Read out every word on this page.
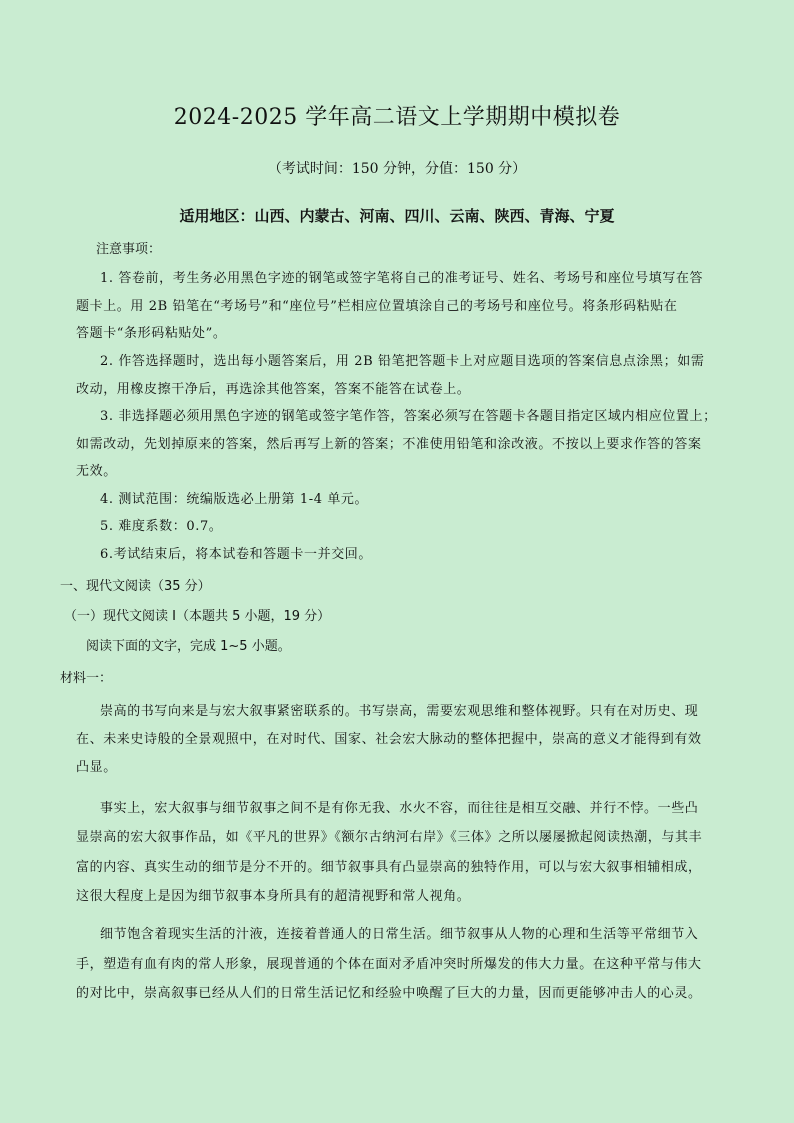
2024-2025 学年高二语文上学期期中模拟卷
（考试时间：150 分钟，分值：150 分）
适用地区：山西、内蒙古、河南、四川、云南、陕西、青海、宁夏
注意事项：
1. 答卷前，考生务必用黑色字迹的钢笔或签字笔将自己的准考证号、姓名、考场号和座位号填写在答
题卡上。用 2B 铅笔在“考场号”和“座位号”栏相应位置填涂自己的考场号和座位号。将条形码粘贴在
答题卡“条形码粘贴处”。
2. 作答选择题时，选出每小题答案后，用 2B 铅笔把答题卡上对应题目选项的答案信息点涂黑；如需
改动，用橡皮擦干净后，再选涂其他答案，答案不能答在试卷上。
3. 非选择题必须用黑色字迹的钢笔或签字笔作答，答案必须写在答题卡各题目指定区域内相应位置上；
如需改动，先划掉原来的答案，然后再写上新的答案；不准使用铅笔和涂改液。不按以上要求作答的答案
无效。
4. 测试范围：统编版选必上册第 1-4 单元。
5. 难度系数：0.7。
6.考试结束后，将本试卷和答题卡一并交回。
一、现代文阅读（35 分）
（一）现代文阅读 I（本题共 5 小题，19 分）
阅读下面的文字，完成 1~5 小题。
材料一：
崇高的书写向来是与宏大叙事紧密联系的。书写崇高，需要宏观思维和整体视野。只有在对历史、现
在、未来史诗般的全景观照中，在对时代、国家、社会宏大脉动的整体把握中，崇高的意义才能得到有效
凸显。
事实上，宏大叙事与细节叙事之间不是有你无我、水火不容，而往往是相互交融、并行不悖。一些凸
显崇高的宏大叙事作品，如《平凡的世界》《额尔古纳河右岸》《三体》之所以屡屡掀起阅读热潮，与其丰
富的内容、真实生动的细节是分不开的。细节叙事具有凸显崇高的独特作用，可以与宏大叙事相辅相成，
这很大程度上是因为细节叙事本身所具有的超清视野和常人视角。
细节饱含着现实生活的汁液，连接着普通人的日常生活。细节叙事从人物的心理和生活等平常细节入
手，塑造有血有肉的常人形象，展现普通的个体在面对矛盾冲突时所爆发的伟大力量。在这种平常与伟大
的对比中，崇高叙事已经从人们的日常生活记忆和经验中唤醒了巨大的力量，因而更能够冲击人的心灵。
